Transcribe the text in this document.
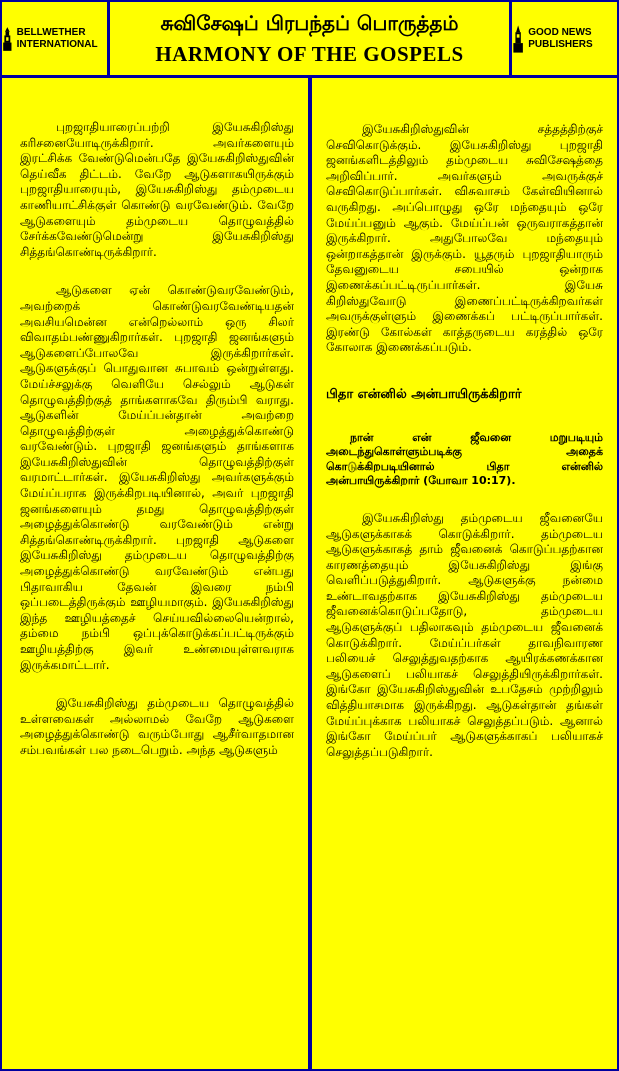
BELLWETHER INTERNATIONAL
சுவிசேஷப் பிரபந்தப் பொருத்தம்
HARMONY OF THE GOSPELS
GOOD NEWS PUBLISHERS

புறஜாதியாரைப்பற்றி இயேசுகிறிஸ்து கரிசனையோடிருக்கிறார். அவர்களையும் இரட்சிக்க வேண்டுமென்பதே இயேசுகிறிஸ்துவின் தெய்வீக திட்டம். வேறே ஆடுகளாகயிருக்கும் புறஜாதியாரையும், இயேசுகிறிஸ்து தம்முடைய காணியாட்சிக்குள் கொண்டு வரவேண்டும். வேறே ஆடுகளையும் தம்முடைய தொழுவத்தில் சேர்க்கவேண்டுமென்று இயேசுகிறிஸ்து சித்தங்கொண்டிருக்கிறார்.

ஆடுகளை ஏன் கொண்டுவரவேண்டும், அவற்றைக் கொண்டுவரவேண்டியதன் அவசியமென்ன என்றெல்லாம் ஒரு சிலர் விவாதம்பண்ணுகிறார்கள். புறஜாதி ஜனங்களும் ஆடுகளைப்போலவே இருக்கிறார்கள். ஆடுகளுக்குப் பொதுவான சுபாவம் ஒன்றுள்ளது. மேய்ச்சலுக்கு வெளியே செல்லும் ஆடுகள் தொழுவத்திற்குத் தாங்களாகவே திரும்பி வராது. ஆடுகளின் மேய்ப்பன்தான் அவற்றை தொழுவத்திற்குள் அழைத்துக்கொண்டு வரவேண்டும். புறஜாதி ஜனங்களும் தாங்களாக இயேசுகிறிஸ்துவின் தொழுவத்திற்குள் வரமாட்டார்கள். இயேசுகிறிஸ்து அவர்களுக்கும் மேய்ப்பராக இருக்கிறபடியினால், அவர் புறஜாதி ஜனங்களையும் தமது தொழுவத்திற்குள் அழைத்துக்கொண்டு வரவேண்டும் என்று சித்தங்கொண்டிருக்கிறார். புறஜாதி ஆடுகளை இயேசுகிறிஸ்து தம்முடைய தொழுவத்திற்கு அழைத்துக்கொண்டு வரவேண்டும் என்பது பிதாவாகிய தேவன் இவரை நம்பி ஒப்படைத்திருக்கும் ஊழியமாகும். இயேசுகிறிஸ்து இந்த ஊழியத்தைச் செய்யவில்லையென்றால், தம்மை நம்பி ஒப்புக்கொடுக்கப்பட்டிருக்கும் ஊழியத்திற்கு இவர் உண்மையுள்ளவராக இருக்கமாட்டார்.

இயேசுகிறிஸ்து தம்முடைய தொழுவத்தில் உள்ளவைகள் அல்லாமல் வேறே ஆடுகளை அழைத்துக்கொண்டு வரும்போது ஆசீர்வாதமான சம்பவங்கள் பல நடைபெறும். அந்த ஆடுகளும்

இயேசுகிறிஸ்துவின் சத்தத்திற்குச் செவிகொடுக்கும். இயேசுகிறிஸ்து புறஜாதி ஜனங்களிடத்திலும் தம்முடைய சுவிசேஷத்தை அறிவிப்பார். அவர்களும் அவருக்குச் செவிகொடுப்பார்கள். விசுவாசம் கேள்வியினால் வருகிறது. அப்பொழுது ஒரே மந்தையும் ஒரே மேய்ப்பனும் ஆகும். மேய்ப்பன் ஒருவராகத்தான் இருக்கிறார். அதுபோலவே மந்தையும் ஒன்றாகத்தான் இருக்கும். யூதரும் புறஜாதியாரும் தேவனுடைய சபையில் ஒன்றாக இணைக்கப்பட்டிருப்பார்கள். இயேசு கிறிஸ்துவோடு இணைப்பட்டிருக்கிறவர்கள் அவருக்குள்ளும் இணைக்கப் பட்டிருப்பார்கள். இரண்டு கோல்கள் காத்தருடைய கரத்தில் ஒரே கோலாக இணைக்கப்படும்.

பிதா என்னில் அன்பாயிருக்கிறார்

நான் என் ஜீவனை மறுபடியும் அடைந்துகொள்ளும்படிக்கு அதைக் கொடுக்கிறபடியினால் பிதா என்னில் அன்பாயிருக்கிறார் (யோவா 10:17).

இயேசுகிறிஸ்து தம்முடைய ஜீவனையே ஆடுகளுக்காகக் கொடுக்கிறார். தம்முடைய ஆடுகளுக்காகத் தாம் ஜீவனைக் கொடுப்பதற்கான காரணத்தையும் இயேசுகிறிஸ்து இங்கு வெளிப்படுத்துகிறார். ஆடுகளுக்கு நன்மை உண்டாவதற்காக இயேசுகிறிஸ்து தம்முடைய ஜீவனைக்கொடுப்பதோடு, தம்முடைய ஆடுகளுக்குப் பதிலாகவும் தம்முடைய ஜீவனைக் கொடுக்கிறார். மேய்ப்பர்கள் தாவநிவாரண பலியைச் செலுத்துவதற்காக ஆயிரக்கணக்கான ஆடுகளைப் பலியாகச் செலுத்தியிருக்கிறார்கள். இங்கோ இயேசுகிறிஸ்துவின் உபதேசம் முற்றிலும் வித்தியாசமாக இருக்கிறது. ஆடுகள்தான் தங்கள் மேய்ப்புக்காக பலியாகச் செலுத்தப்படும். ஆனால் இங்கோ மேய்ப்பர் ஆடுகளுக்காகப் பலியாகச் செலுத்தப்படுகிறார்.
